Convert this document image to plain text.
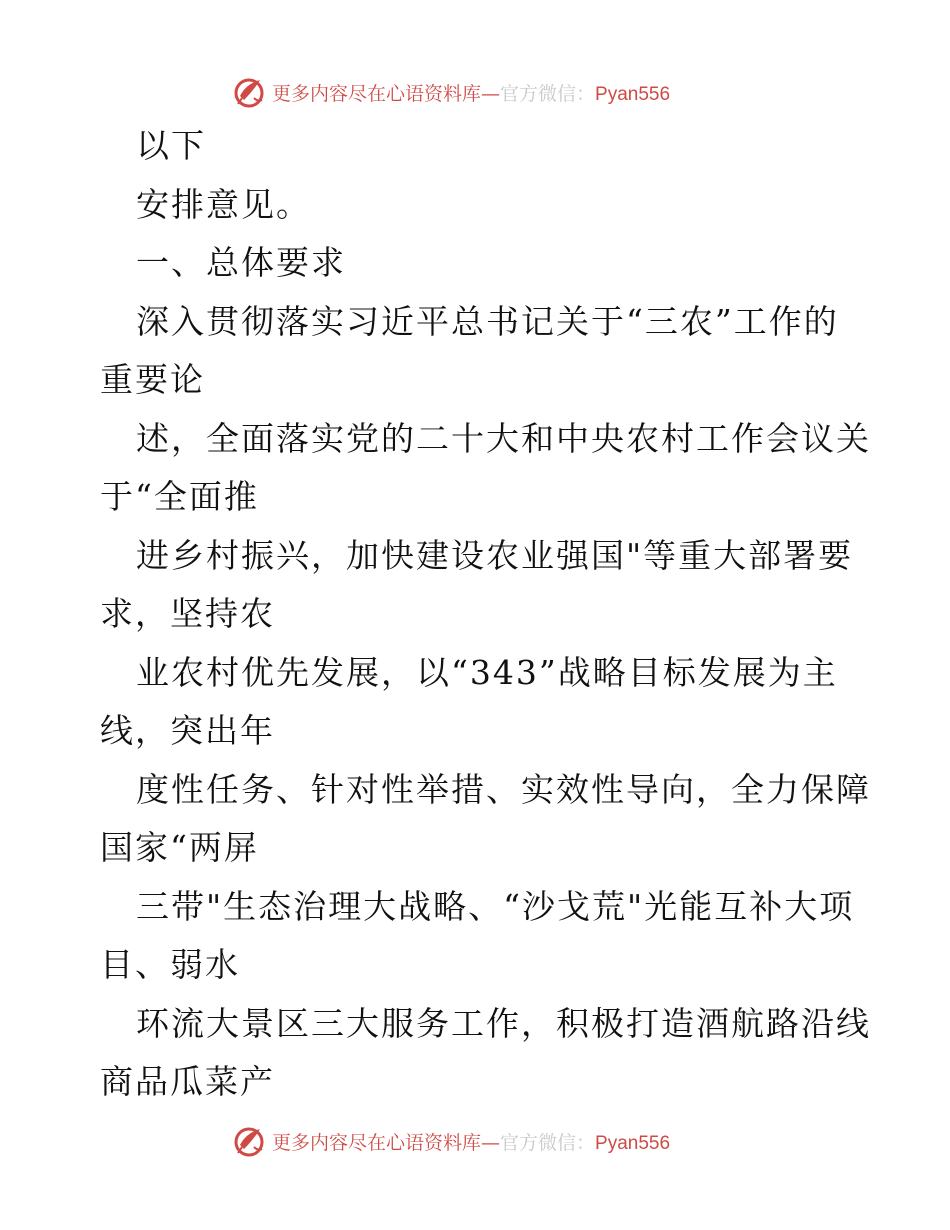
更多内容尽在心语资料库—官方微信：Pyan556
以下
安排意见。
一、总体要求
深入贯彻落实习近平总书记关于“三农”工作的
重要论
述，全面落实党的二十大和中央农村工作会议关
于“全面推
进乡村振兴，加快建设农业强国"等重大部署要
求，坚持农
业农村优先发展，以“343”战略目标发展为主
线，突出年
度性任务、针对性举措、实效性导向，全力保障
国家“两屏
三带"生态治理大战略、“沙戈荒"光能互补大项
目、弱水
环流大景区三大服务工作，积极打造酒航路沿线
商品瓜菜产
更多内容尽在心语资料库—官方微信：Pyan556
